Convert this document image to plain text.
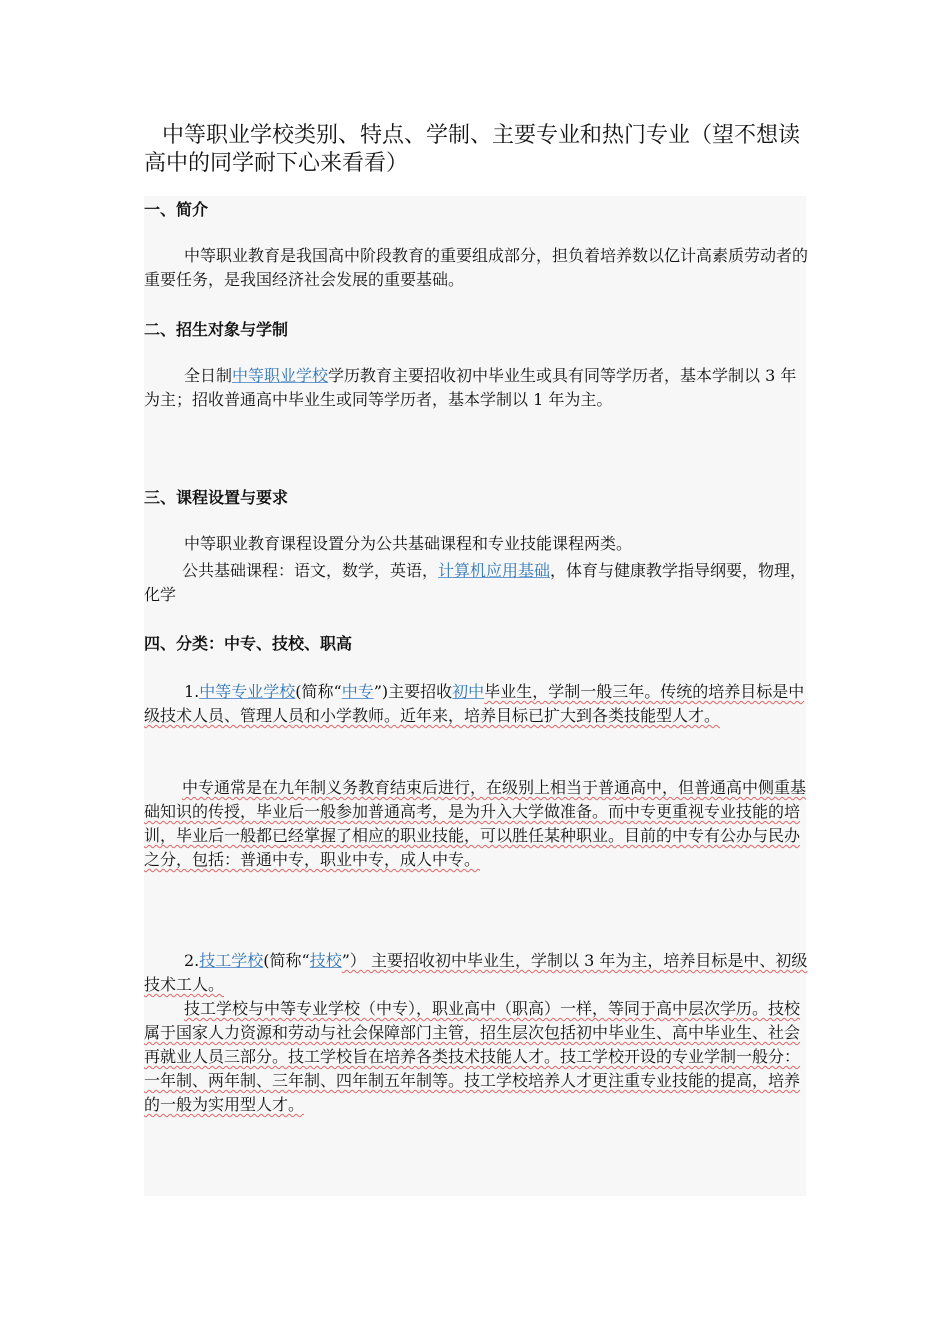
中等职业学校类别、特点、学制、主要专业和热门专业（望不想读高中的同学耐下心来看看）
一、简介

中等职业教育是我国高中阶段教育的重要组成部分，担负着培养数以亿计高素质劳动者的重要任务，是我国经济社会发展的重要基础。

二、招生对象与学制

全日制中等职业学校学历教育主要招收初中毕业生或具有同等学历者，基本学制以 3 年为主；招收普通高中毕业生或同等学历者，基本学制以 1 年为主。

三、课程设置与要求

中等职业教育课程设置分为公共基础课程和专业技能课程两类。

公共基础课程：语文，数学，英语，计算机应用基础，体育与健康教学指导纲要，物理，化学

四、分类：中专、技校、职高

1.中等专业学校(简称“中专”)主要招收初中毕业生，学制一般三年。传统的培养目标是中级技术人员、管理人员和小学教师。近年来，培养目标已扩大到各类技能型人才。

中专通常是在九年制义务教育结束后进行，在级别上相当于普通高中，但普通高中侧重基础知识的传授，毕业后一般参加普通高考，是为升入大学做准备。而中专更重视专业技能的培训，毕业后一般都已经掌握了相应的职业技能，可以胜任某种职业。目前的中专有公办与民办之分，包括：普通中专，职业中专，成人中专。

2.技工学校(简称“技校”） 主要招收初中毕业生，学制以 3 年为主，培养目标是中、初级技术工人。

技工学校与中等专业学校（中专），职业高中（职高）一样，等同于高中层次学历。技校属于国家人力资源和劳动与社会保障部门主管，招生层次包括初中毕业生、高中毕业生、社会再就业人员三部分。技工学校旨在培养各类技术技能人才。技工学校开设的专业学制一般分：一年制、两年制、三年制、四年制五年制等。技工学校培养人才更注重专业技能的提高，培养的一般为实用型人才。
